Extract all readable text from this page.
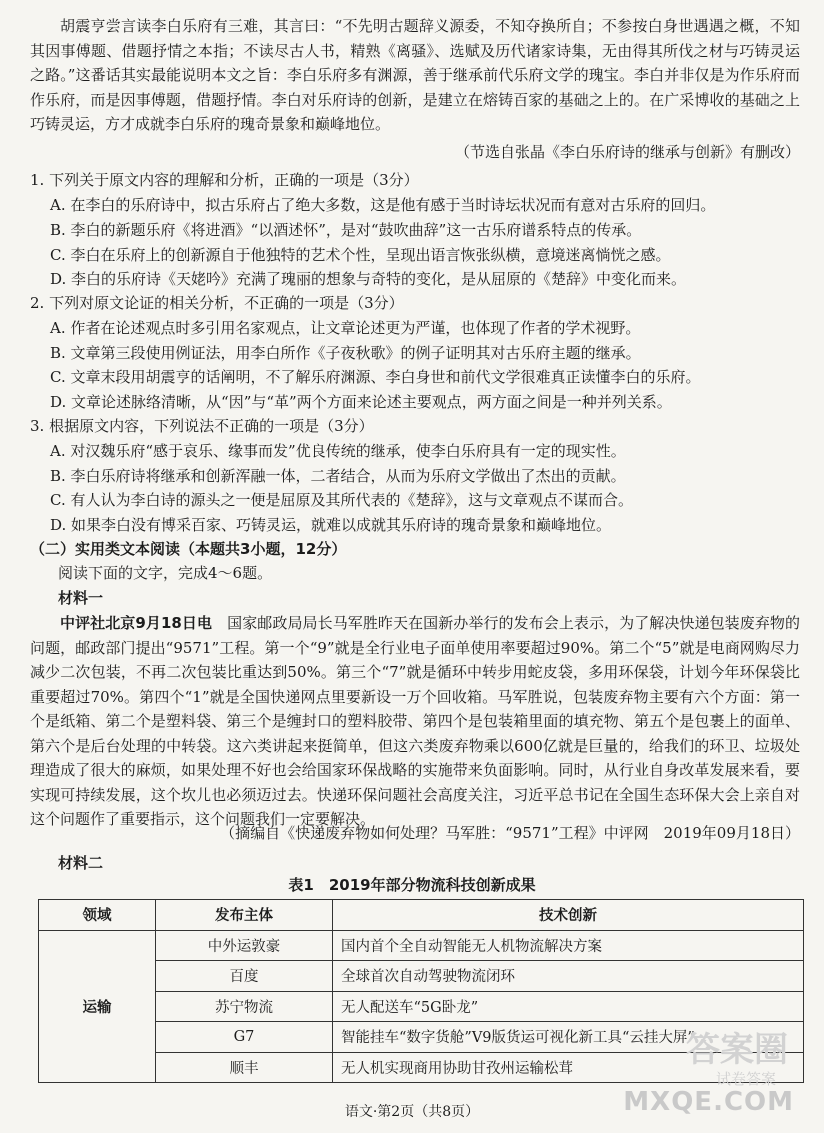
胡震亨尝言读李白乐府有三难，其言曰：“不先明古题辞义源委，不知夺换所自；不参按白身世遇遇之概，不知其因事傅题、借题抒情之本指；不读尽古人书，精熟《离骚》、选赋及历代诸家诗集，无由得其所伐之材与巧铸灵运之路。”这番话其实最能说明本文之旨：李白乐府多有渊源，善于继承前代乐府文学的瑰宝。李白并非仅是为作乐府而作乐府，而是因事傅题，借题抒情。李白对乐府诗的创新，是建立在熔铸百家的基础之上的。在广采博收的基础之上巧铸灵运，方才成就李白乐府的瑰奇景象和巅峰地位。

（节选自张晶《李白乐府诗的继承与创新》有删改）
1. 下列关于原文内容的理解和分析，正确的一项是（3分）
A. 在李白的乐府诗中，拟古乐府占了绝大多数，这是他有感于当时诗坛状况而有意对古乐府的回归。
B. 李白的新题乐府《将进酒》“以酒述怀”，是对“鼓吹曲辞”这一古乐府谱系特点的传承。
C. 李白在乐府上的创新源自于他独特的艺术个性，呈现出语言恢张纵横，意境迷离惝恍之感。
D. 李白的乐府诗《天姥吟》充满了瑰丽的想象与奇特的变化，是从屈原的《楚辞》中变化而来。
2. 下列对原文论证的相关分析，不正确的一项是（3分）
A. 作者在论述观点时多引用名家观点，让文章论述更为严谨，也体现了作者的学术视野。
B. 文章第三段使用例证法，用李白所作《子夜秋歌》的例子证明其对古乐府主题的继承。
C. 文章末段用胡震亨的话阐明，不了解乐府渊源、李白身世和前代文学很难真正读懂李白的乐府。
D. 文章论述脉络清晰，从“因”与“革”两个方面来论述主要观点，两方面之间是一种并列关系。
3. 根据原文内容，下列说法不正确的一项是（3分）
A. 对汉魏乐府“感于哀乐、缘事而发”优良传统的继承，使李白乐府具有一定的现实性。
B. 李白乐府诗将继承和创新浑融一体，二者结合，从而为乐府文学做出了杰出的贡献。
C. 有人认为李白诗的源头之一便是屈原及其所代表的《楚辞》，这与文章观点不谋而合。
D. 如果李白没有博采百家、巧铸灵运，就难以成就其乐府诗的瑰奇景象和巅峰地位。
（二）实用类文本阅读（本题共3小题，12分）
阅读下面的文字，完成4～6题。
材料一

中评社北京9月18日电　 国家邮政局局长马军胜昨天在国新办举行的发布会上表示，为了解决快递包装废弃物的问题，邮政部门提出“9571”工程。第一个“9”就是全行业电子面单使用率要超过90%。第二个“5”就是电商网购尽力减少二次包装，不再二次包装比重达到50%。第三个“7”就是循环中转步用蛇皮袋，多用环保袋，计划今年环保袋比重要超过70%。第四个“1”就是全国快递网点里要新设一万个回收箱。马军胜说，包装废弃物主要有六个方面：第一个是纸箱、第二个是塑料袋、第三个是缠封口的塑料胶带、第四个是包装箱里面的填充物、第五个是包裹上的面单、第六个是后台处理的中转袋。这六类讲起来挺简单，但这六类废弃物乘以600亿就是巨量的，给我们的环卫、垃圾处理造成了很大的麻烦，如果处理不好也会给国家环保战略的实施带来负面影响。同时，从行业自身改革发展来看，要实现可持续发展，这个坎儿也必须迈过去。快递环保问题社会高度关注，习近平总书记在全国生态环保大会上亲自对这个问题作了重要指示，这个问题我们一定要解决。

（摘编自《快递废弃物如何处理？马军胜：“9571”工程》中评网　2019年09月18日）
材料二
表1　2019年部分物流科技创新成果
领域	发布主体	技术创新
运输	中外运敦豪	国内首个全自动智能无人机物流解决方案
	百度	全球首次自动驾驶物流闭环
	苏宁物流	无人配送车“5G卧龙”
	G7	智能挂车“数字货舱”V9版货运可视化新工具“云挂大屏”
	顺丰	无人机实现商用协助甘孜州运输松茸
语文·第2页（共8页）
答案圈
试卷答案
MXQE.COM
